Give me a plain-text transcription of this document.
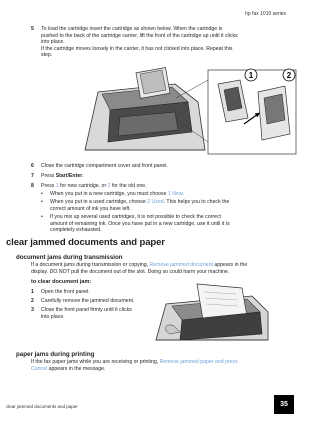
hp fax 1010 series
5 To load the cartridge insert the cartridge as shown below. When the cartridge is
pushed to the back of the cartridge carrier, lift the front of the cartridge up until it clicks
into place.
If the cartridge moves loosely in the carrier, it has not clicked into place. Repeat this
step.
1	2
6 Close the cartridge compartment cover and front panel.
7 Press Start/Enter.
8 Press 1 for new cartridge, or 2 for the old one.
• When you put in a new cartridge, you must choose 1 New.
• When you put in a used cartridge, choose 2 Used. This helps you to check the
correct amount of ink you have left.
• If you mix up several used cartridges, it is not possible to check the correct
amount of remaining ink. Once you have put in a new cartridge, use it until it is
completely exhausted.
clear jammed documents and paper
document jams during transmission
If a document jams during transmission or copying, Remove jammed document appears in the
display. DO NOT pull the document out of the slot. Doing so could harm your machine.
to clear document jam:
1 Open the front panel.
2 Carefully remove the jammed document.
3 Close the front panel firmly until it clicks
into place.
paper jams during printing
If the fax paper jams while you are receiving or printing, Remove jammed paper and press
Cancel appears in the message.
clear jammed documents and paper	35
